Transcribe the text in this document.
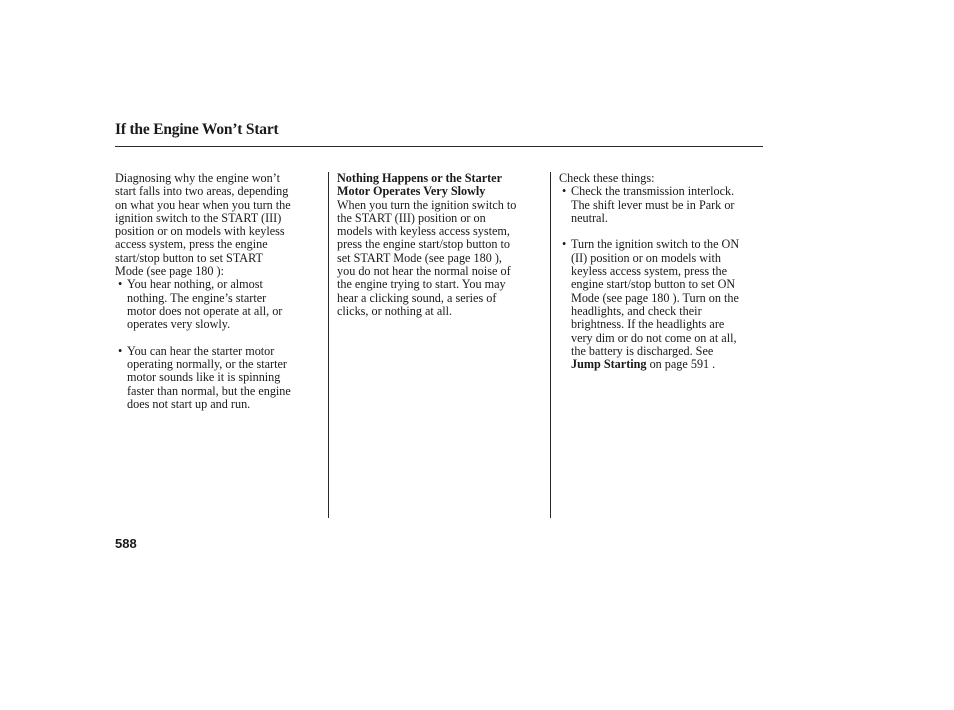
If the Engine Won’t Start
Diagnosing why the engine won’t
start falls into two areas, depending
on what you hear when you turn the
ignition switch to the START (III)
position or on models with keyless
access system, press the engine
start/stop button to set START
Mode (see page 180 ):
• You hear nothing, or almost
nothing. The engine’s starter
motor does not operate at all, or
operates very slowly.
• You can hear the starter motor
operating normally, or the starter
motor sounds like it is spinning
faster than normal, but the engine
does not start up and run.
Nothing Happens or the Starter
Motor Operates Very Slowly
When you turn the ignition switch to
the START (III) position or on
models with keyless access system,
press the engine start/stop button to
set START Mode (see page 180 ),
you do not hear the normal noise of
the engine trying to start. You may
hear a clicking sound, a series of
clicks, or nothing at all.
Check these things:
• Check the transmission interlock.
The shift lever must be in Park or
neutral.
• Turn the ignition switch to the ON
(II) position or on models with
keyless access system, press the
engine start/stop button to set ON
Mode (see page 180 ). Turn on the
headlights, and check their
brightness. If the headlights are
very dim or do not come on at all,
the battery is discharged. See
Jump Starting on page 591 .
588
